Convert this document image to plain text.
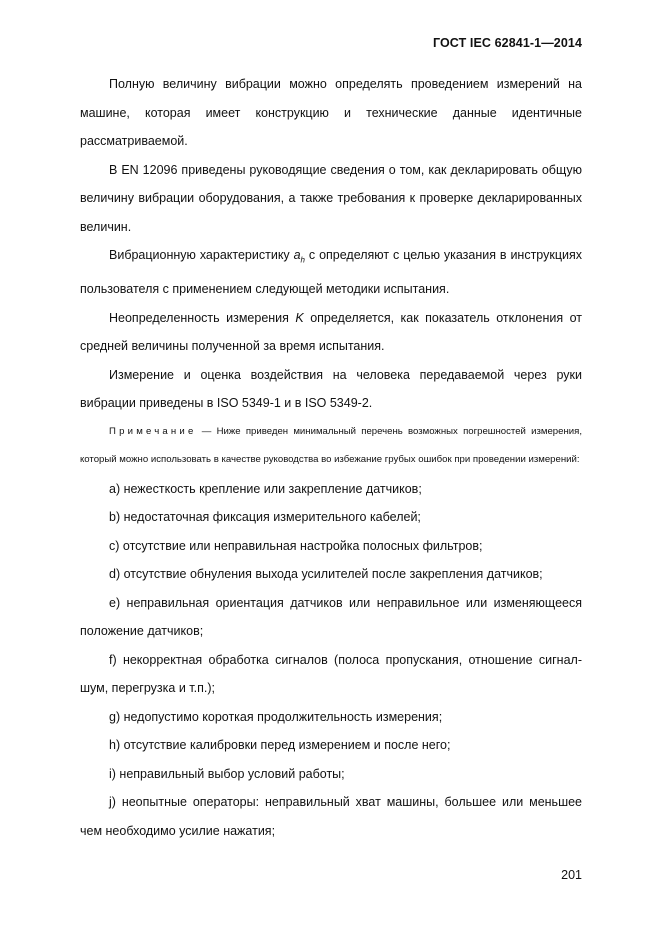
ГОСТ IEC 62841-1—2014

Полную величину вибрации можно определять проведением измерений на машине, которая имеет конструкцию и технические данные идентичные рассматриваемой.

В EN 12096 приведены руководящие сведения о том, как декларировать общую величину вибрации оборудования, а также требования к проверке декларированных величин.

Вибрационную характеристику $a_h$ с определяют с целью указания в инструкциях пользователя с применением следующей методики испытания.

Неопределенность измерения K определяется, как показатель отклонения от средней величины полученной за время испытания.

Измерение и оценка воздействия на человека передаваемой через руки вибрации приведены в ISO 5349-1 и в ISO 5349-2.

Примечание — Ниже приведен минимальный перечень возможных погрешностей измерения, который можно использовать в качестве руководства во избежание грубых ошибок при проведении измерений:

a) нежесткость крепление или закрепление датчиков;

b) недостаточная фиксация измерительного кабелей;

c) отсутствие или неправильная настройка полосных фильтров;

d) отсутствие обнуления выхода усилителей после закрепления датчиков;

e) неправильная ориентация датчиков или неправильное или изменяющееся положение датчиков;

f) некорректная обработка сигналов (полоса пропускания, отношение сигнал-шум, перегрузка и т.п.);

g) недопустимо короткая продолжительность измерения;

h) отсутствие калибровки перед измерением и после него;

i) неправильный выбор условий работы;

j) неопытные операторы: неправильный хват машины, большее или меньшее чем необходимо усилие нажатия;

201
